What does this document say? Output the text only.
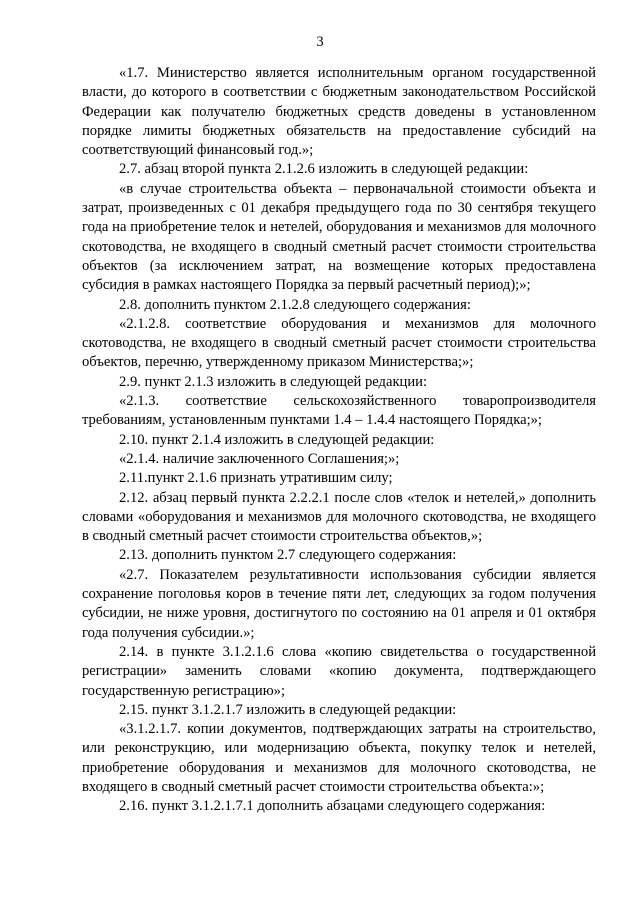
3

«1.7. Министерство является исполнительным органом государственной власти, до которого в соответствии с бюджетным законодательством Российской Федерации как получателю бюджетных средств доведены в установленном порядке лимиты бюджетных обязательств на предоставление субсидий на соответствующий финансовый год.»;

2.7. абзац второй пункта 2.1.2.6 изложить в следующей редакции:

«в случае строительства объекта – первоначальной стоимости объекта и затрат, произведенных с 01 декабря предыдущего года по 30 сентября текущего года на приобретение телок и нетелей, оборудования и механизмов для молочного скотоводства, не входящего в сводный сметный расчет стоимости строительства объектов (за исключением затрат, на возмещение которых предоставлена субсидия в рамках настоящего Порядка за первый расчетный период);»;

2.8. дополнить пунктом 2.1.2.8 следующего содержания:

«2.1.2.8. соответствие оборудования и механизмов для молочного скотоводства, не входящего в сводный сметный расчет стоимости строительства объектов, перечню, утвержденному приказом Министерства;»;

2.9. пункт 2.1.3 изложить в следующей редакции:

«2.1.3. соответствие сельскохозяйственного товаропроизводителя требованиям, установленным пунктами 1.4 – 1.4.4 настоящего Порядка;»;

2.10. пункт 2.1.4 изложить в следующей редакции:

«2.1.4. наличие заключенного Соглашения;»;

2.11.пункт 2.1.6 признать утратившим силу;

2.12. абзац первый пункта 2.2.2.1 после слов «телок и нетелей,» дополнить словами «оборудования и механизмов для молочного скотоводства, не входящего в сводный сметный расчет стоимости строительства объектов,»;

2.13. дополнить пунктом 2.7 следующего содержания:

«2.7. Показателем результативности использования субсидии является сохранение поголовья коров в течение пяти лет, следующих за годом получения субсидии, не ниже уровня, достигнутого по состоянию на 01 апреля и 01 октября года получения субсидии.»;

2.14. в пункте 3.1.2.1.6 слова «копию свидетельства о государственной регистрации» заменить словами «копию документа, подтверждающего государственную регистрацию»;

2.15. пункт 3.1.2.1.7 изложить в следующей редакции:

«3.1.2.1.7. копии документов, подтверждающих затраты на строительство, или реконструкцию, или модернизацию объекта, покупку телок и нетелей, приобретение оборудования и механизмов для молочного скотоводства, не входящего в сводный сметный расчет стоимости строительства объекта:»;

2.16. пункт 3.1.2.1.7.1 дополнить абзацами следующего содержания:
